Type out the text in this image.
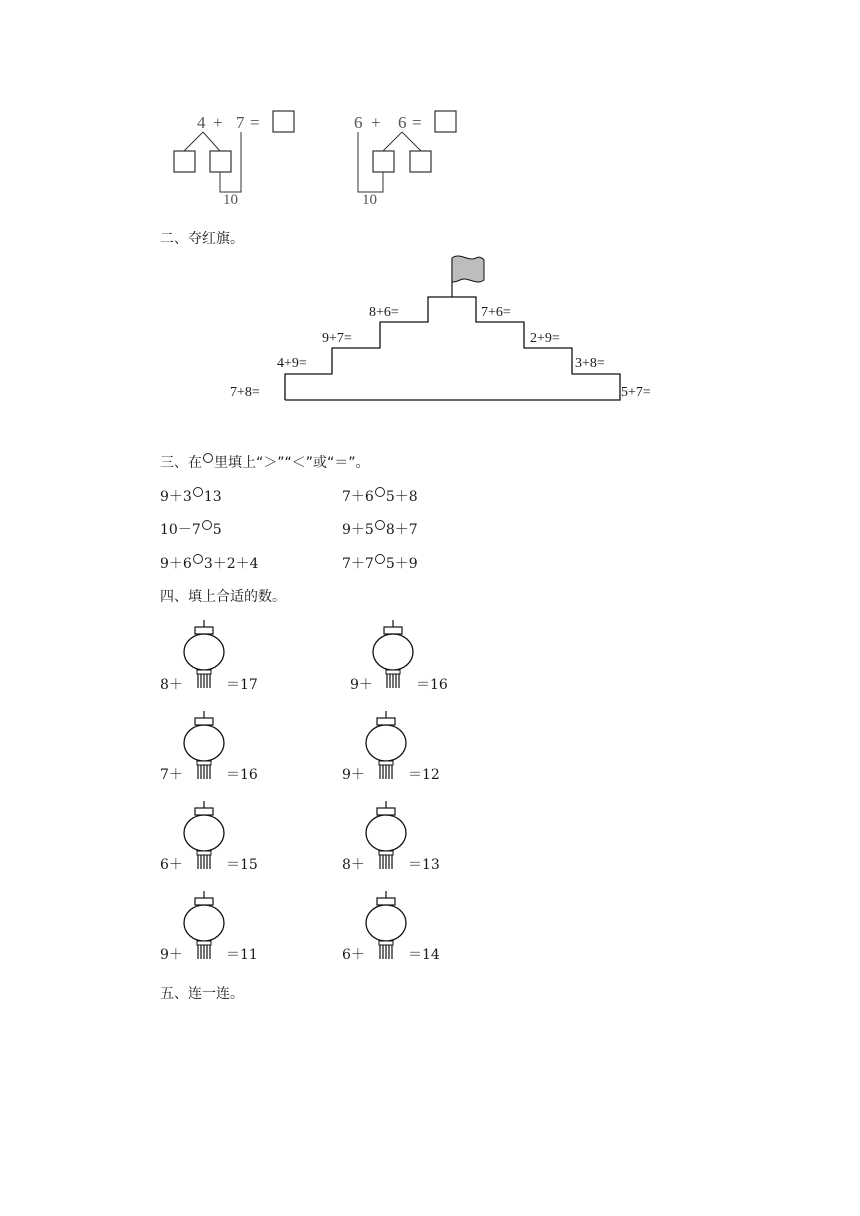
4 + 7 =
10
6 + 6 =
10
二、夺红旗。
7+8=
4+9=
9+7=
8+6=	7+6=
2+9=
3+8=
5+7=
三、在 里填上“＞”“＜”或“＝”。
9＋3 13	7＋6 5＋8
10－7 5	9＋5 8＋7
9＋6 3＋2＋4	7＋7 5＋9
四、填上合适的数。
8＋	＝17	9＋	＝16
7＋	＝16	9＋	＝12
6＋	＝15	8＋	＝13
9＋	＝11	6＋	＝14
五、连一连。
